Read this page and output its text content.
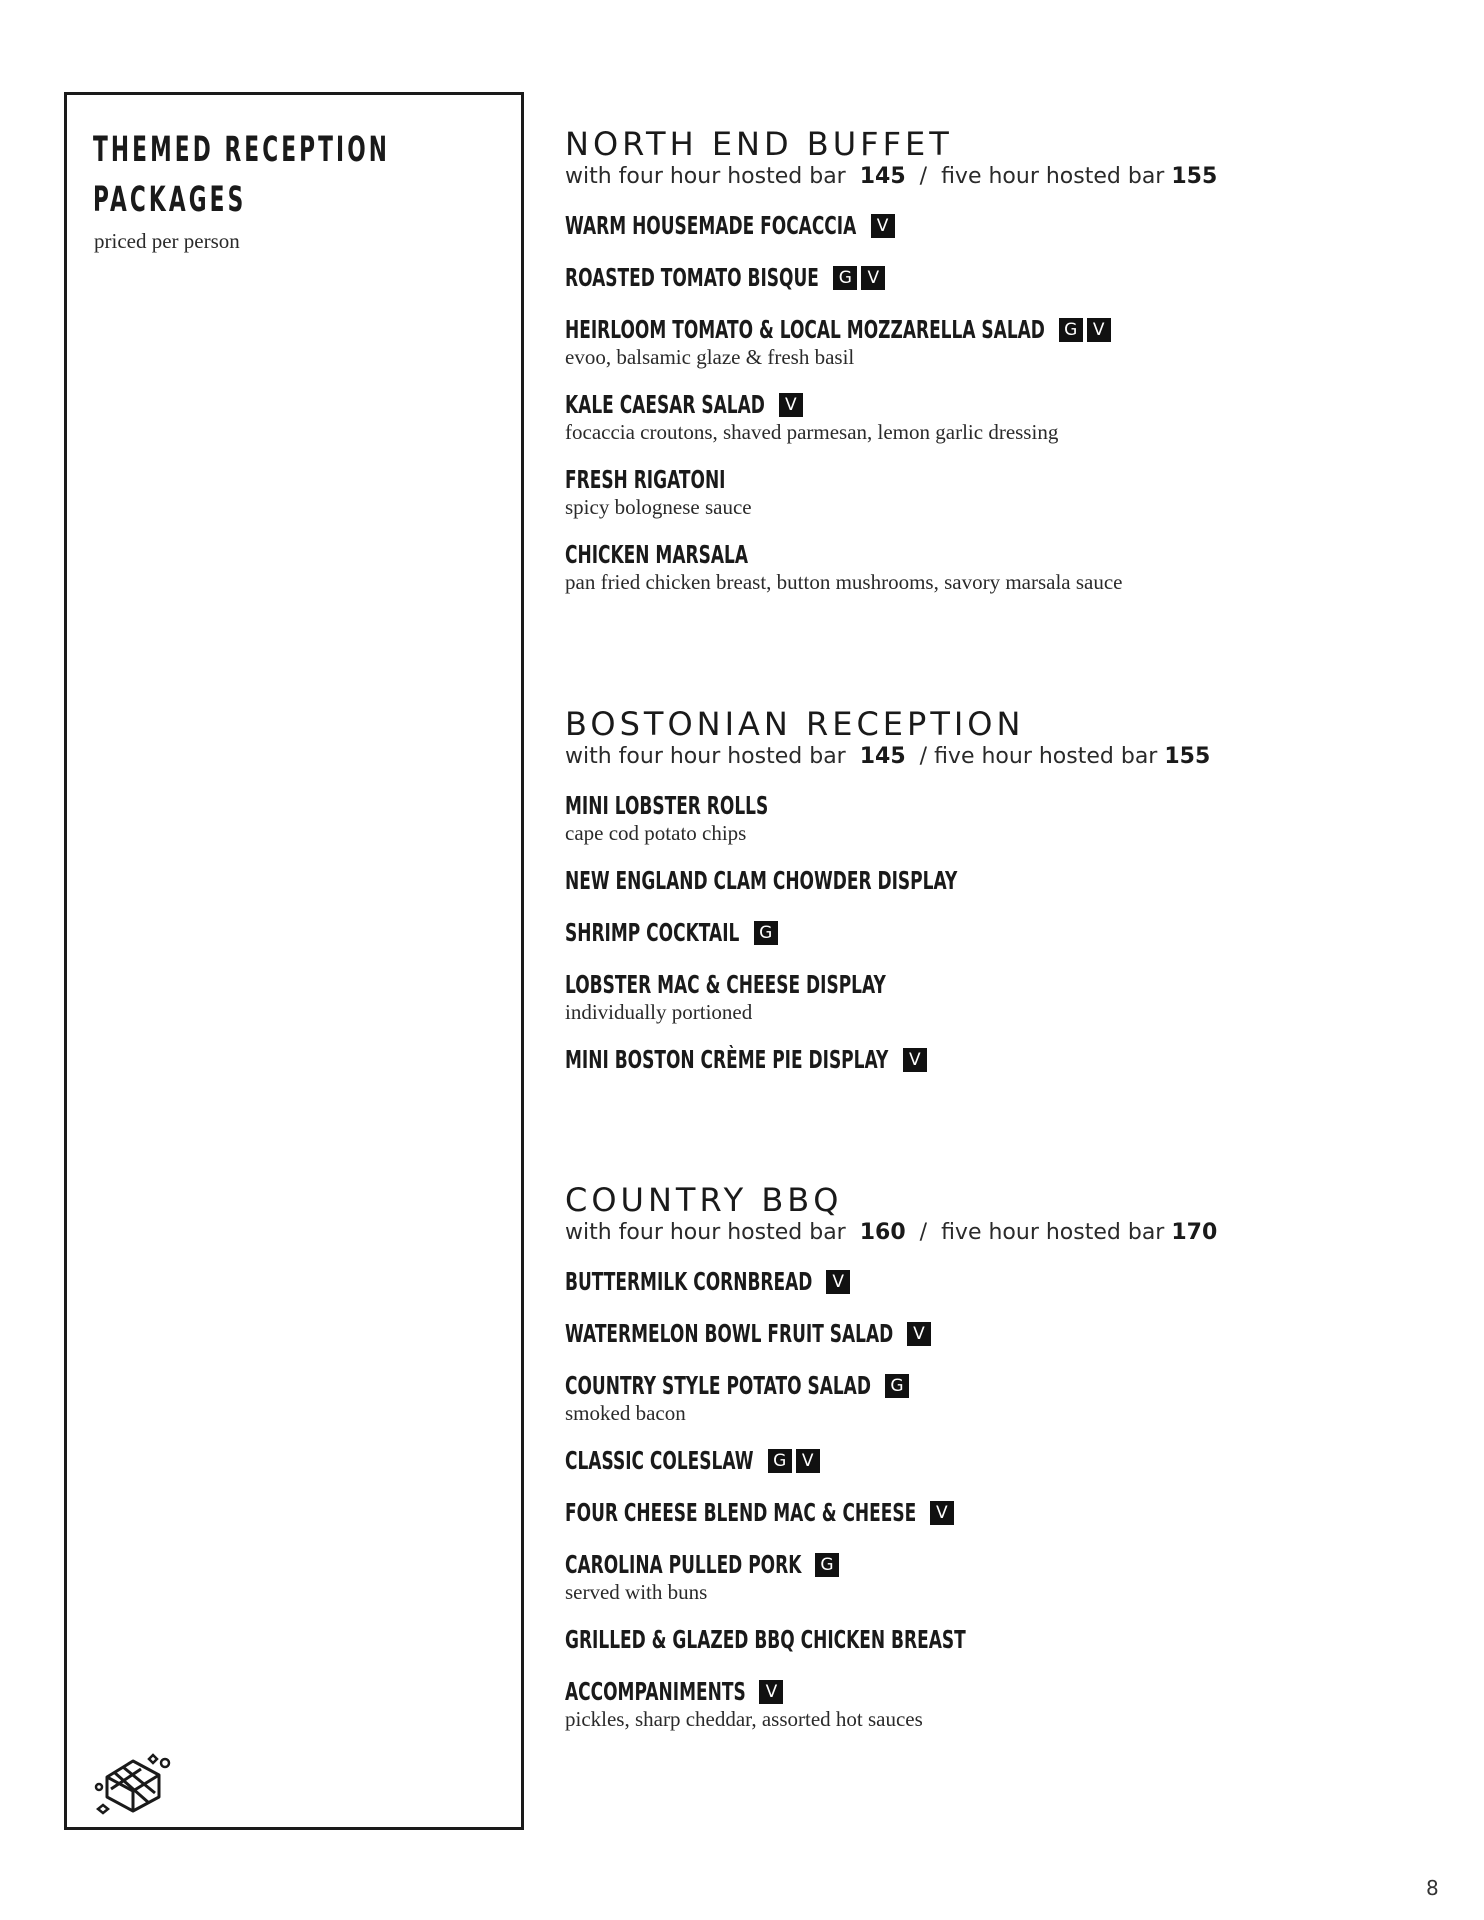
THEMED RECEPTION
PACKAGES
priced per person
NORTH END BUFFET
with four hour hosted bar 145 / five hour hosted bar 155
WARM HOUSEMADE FOCACCIA	V
ROASTED TOMATO BISQUE	G V
HEIRLOOM TOMATO & LOCAL MOZZARELLA SALAD	G V
evoo, balsamic glaze & fresh basil
KALE CAESAR SALAD	V
focaccia croutons, shaved parmesan, lemon garlic dressing
FRESH RIGATONI
spicy bolognese sauce
CHICKEN MARSALA
pan fried chicken breast, button mushrooms, savory marsala sauce
BOSTONIAN RECEPTION
with four hour hosted bar 145 / five hour hosted bar 155
MINI LOBSTER ROLLS
cape cod potato chips
NEW ENGLAND CLAM CHOWDER DISPLAY
SHRIMP COCKTAIL	G
LOBSTER MAC & CHEESE DISPLAY
individually portioned
MINI BOSTON CRÈME PIE DISPLAY	V
COUNTRY BBQ
with four hour hosted bar 160 / five hour hosted bar 170
BUTTERMILK CORNBREAD	V
WATERMELON BOWL FRUIT SALAD	V
COUNTRY STYLE POTATO SALAD	G
smoked bacon
CLASSIC COLESLAW	G V
FOUR CHEESE BLEND MAC & CHEESE	V
CAROLINA PULLED PORK	G
served with buns
GRILLED & GLAZED BBQ CHICKEN BREAST
ACCOMPANIMENTS	V
pickles, sharp cheddar, assorted hot sauces
8
